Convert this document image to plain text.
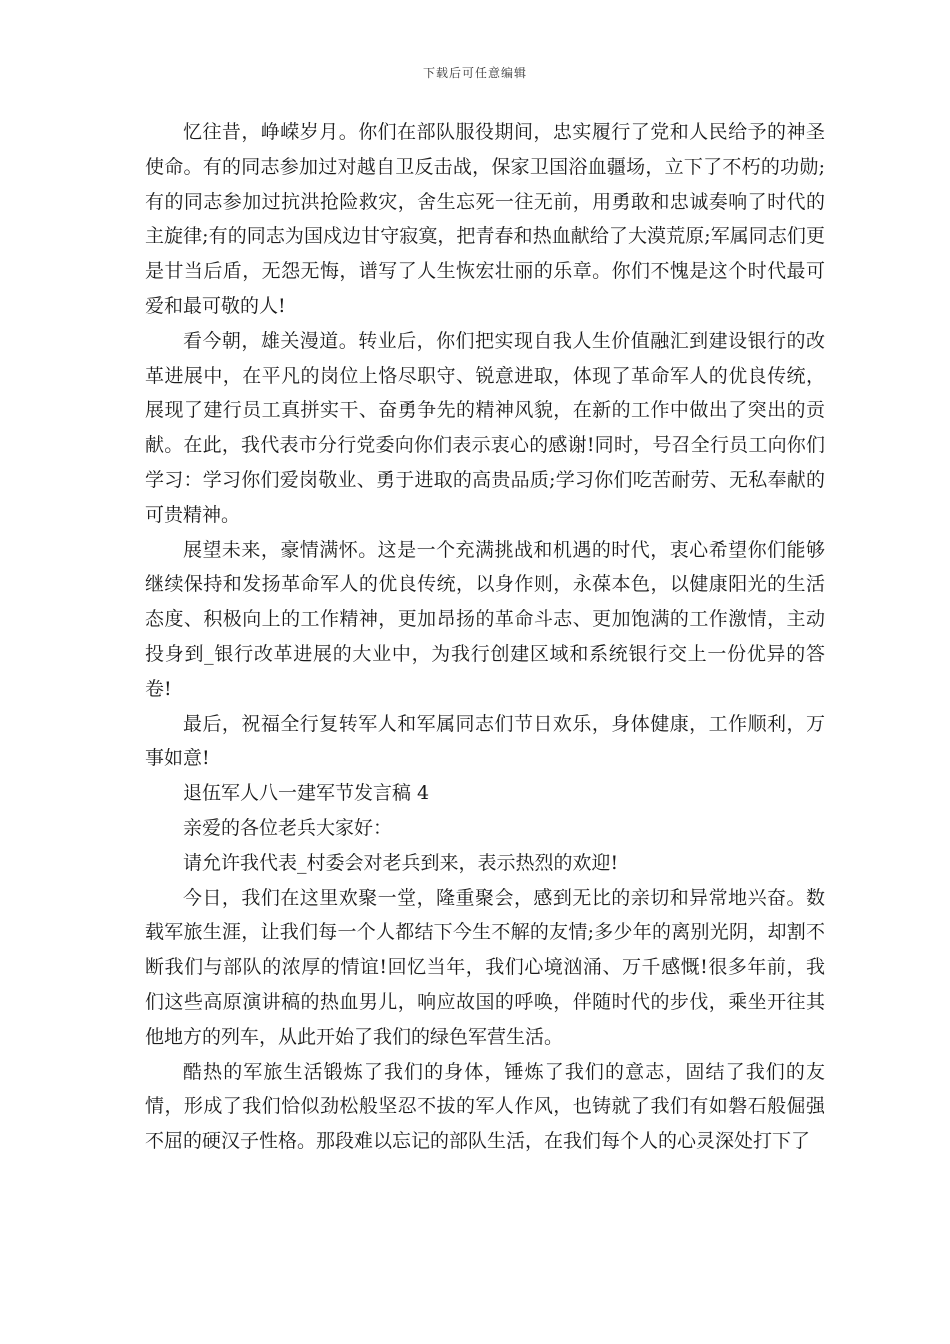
下载后可任意编辑

忆往昔，峥嵘岁月。你们在部队服役期间，忠实履行了党和人民给予的神圣使命。有的同志参加过对越自卫反击战，保家卫国浴血疆场，立下了不朽的功勋;有的同志参加过抗洪抢险救灾，舍生忘死一往无前，用勇敢和忠诚奏响了时代的主旋律;有的同志为国戍边甘守寂寞，把青春和热血献给了大漠荒原;军属同志们更是甘当后盾，无怨无悔，谱写了人生恢宏壮丽的乐章。你们不愧是这个时代最可爱和最可敬的人!

看今朝，雄关漫道。转业后，你们把实现自我人生价值融汇到建设银行的改革进展中，在平凡的岗位上恪尽职守、锐意进取，体现了革命军人的优良传统，展现了建行员工真拼实干、奋勇争先的精神风貌，在新的工作中做出了突出的贡献。在此，我代表市分行党委向你们表示衷心的感谢!同时，号召全行员工向你们学习：学习你们爱岗敬业、勇于进取的高贵品质;学习你们吃苦耐劳、无私奉献的可贵精神。

展望未来，豪情满怀。这是一个充满挑战和机遇的时代，衷心希望你们能够继续保持和发扬革命军人的优良传统，以身作则，永葆本色，以健康阳光的生活态度、积极向上的工作精神，更加昂扬的革命斗志、更加饱满的工作激情，主动投身到_银行改革进展的大业中，为我行创建区域和系统银行交上一份优异的答卷!

最后，祝福全行复转军人和军属同志们节日欢乐，身体健康，工作顺利，万事如意!

退伍军人八一建军节发言稿 4

亲爱的各位老兵大家好：

请允许我代表_村委会对老兵到来，表示热烈的欢迎!

今日，我们在这里欢聚一堂，隆重聚会，感到无比的亲切和异常地兴奋。数载军旅生涯，让我们每一个人都结下今生不解的友情;多少年的离别光阴，却割不断我们与部队的浓厚的情谊!回忆当年，我们心境汹涌、万千感慨!很多年前，我们这些高原演讲稿的热血男儿，响应故国的呼唤，伴随时代的步伐，乘坐开往其他地方的列车，从此开始了我们的绿色军营生活。

酷热的军旅生活锻炼了我们的身体，锤炼了我们的意志，固结了我们的友情，形成了我们恰似劲松般坚忍不拔的军人作风，也铸就了我们有如磐石般倔强不屈的硬汉子性格。那段难以忘记的部队生活，在我们每个人的心灵深处打下了
